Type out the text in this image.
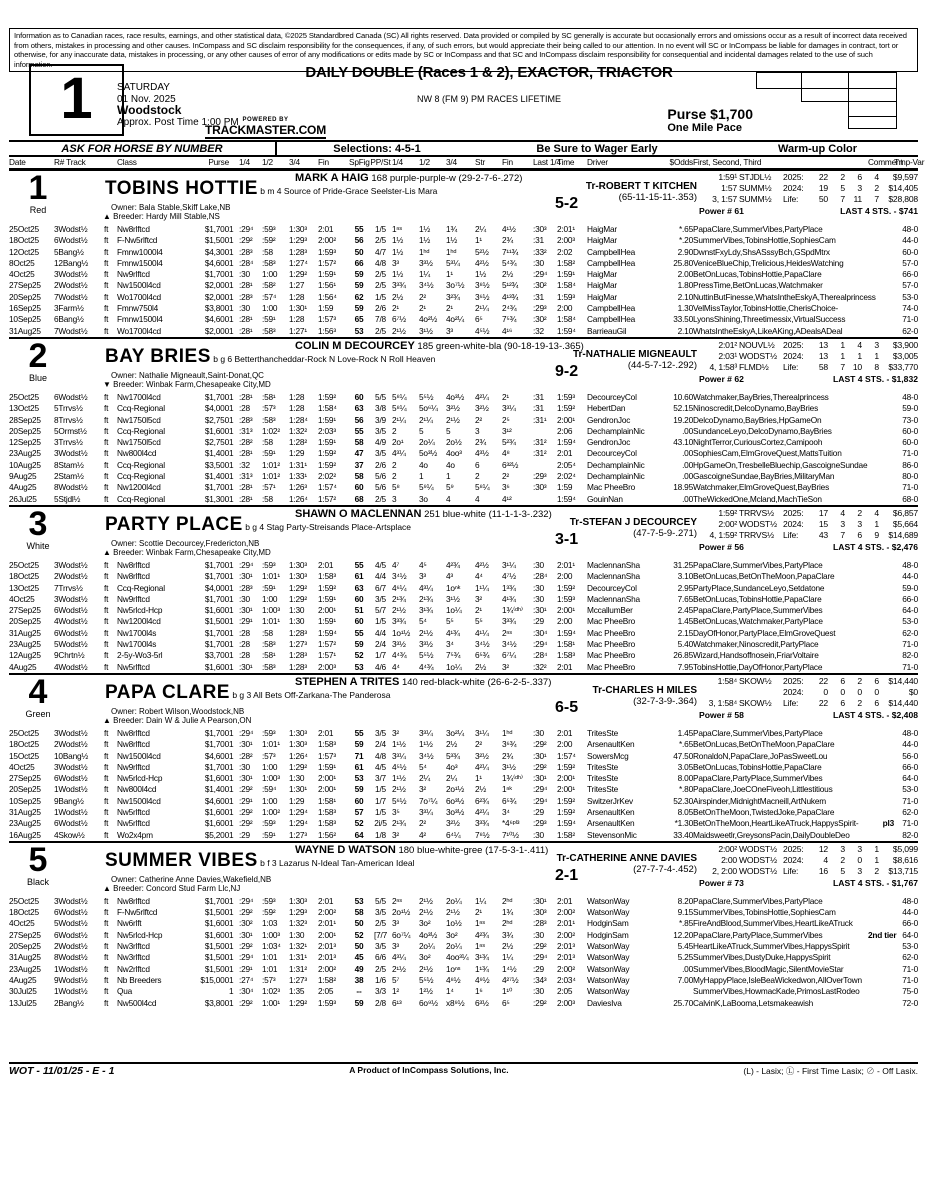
Information as to Canadian races, race results, earnings, and other statistical data, ©2025 Standardbred Canada (SC) All rights reserved. Data provided or compiled by SC generally is accurate but occasionally errors and omissions occur as a result of incorrect data received from others, mistakes in processing and other causes. InCompass and SC disclaim responsibility for the consequences, if any, of such errors, but would appreciate their being called to our attention. In no event will SC or InCompass be liable for damages in contract, tort or otherwise, for any inaccurate data, mistakes in processing, or any other causes of error of any modifications or edits made by SC or InCompass and that SC and InCompass disclaim responsibility for consequential and incidental damages related to the use of such information.
1	SATURDAY
01 Nov. 2025
Woodstock
Approx. Post Time 1:00 PM POWERED BY
TRACKMASTER.COM
DAILY DOUBLE (Races 1 & 2), EXACTOR, TRIACTOR
NW 8 (FM 9) PM RACES LIFETIME
Purse $1,700
One Mile Pace
ASK FOR HORSE BY NUMBER	Selections: 4-5-1	Be Sure to Wager Early	Warm-up Color
Date	R# Track		Class	Purse		1/4	1/2	3/4	Fin	SpFig	PP/St	1/4	1/2	3/4	Str	Fin	Last 1/4	Time	Driver	$Odds	First, Second, Third	Comment	Tmp-Var
1
Red
MARK A HAIG 168 purple-purple-w (29-2-7-6-.272)
TOBINS HOTTIE b m 4 Source of Pride-Grace Seelster-Lis Mara
Owner: Bala Stable,Skiff Lake,NB
▲ Breeder: Hardy Mill Stable,NS
5-2
Tr-ROBERT T KITCHEN
(65-11-15-11-.353)
1:59¹ STJDL½	2025:	22	2	6	4	$9,597
1:57 SUMM½	2024:	19	5	3	2	$14,405
3, 1:57 SUMM½	Life:	50	7 11	7	$28,808
Power # 61	LAST 4 STS. - $741
25Oct25	3Wodst½	ft	Nw8rlftcd	$1,700	1	:29⁴	:59³	1:30³	2:01	55	1/5	1ⁿˢ	1½	1¾	2¼	4¹½	:30³	2:01¹	HaigMar	*.65	PapaClare,SummerVibes,PartyPlace		48-0
18Oct25	6Wodst½	ft	F-Nw5rlftcd	$1,500	1	:29²	:59²	1:29³	2:00²	56	2/5	1½	1½	1½	1¹	2¾	:31	2:00³	HaigMar	*.20	SummerVibes,TobinsHottie,SophiesCam		44-0
12Oct25	5Bang½	ft	Fmnw1000l4	$4,300	1	:28³	:58	1:28³	1:59³	50	4/7	1½	1ʰᵈ	1ʰᵈ	5²½	7¹¹¾	:33²	2:02	CampbellHea	2.90	DwnstFxyLdy,ShsASssyBch,GSpdMtrx		60-0
8Oct25	12Bang½	ft	Fmnw1500l4	$4,600	1	:28⁴	:58³	1:27⁴	1:57²	66	4/8	3³	3³½	5³¼	4²½	5⁴¾	:30	1:58²	CampbellHea	25.80	VeniceBlueChip,Trelicious,HeidesWatching		57-0
4Oct25	3Wodst½	ft	Nw9rlftcd	$1,700	1	:30	1:00	1:29²	1:59¹	59	2/5	1½	1¼	1¹	1½	2½	:29⁴	1:59¹	HaigMar	2.00	BetOnLucas,TobinsHottie,PapaClare		66-0
27Sep25	2Wodst½	ft	Nw1500l4cd	$2,000	1	:28¹	:58²	1:27	1:56¹	59	2/5	3³¾	3⁴½	3o⁷½	3⁸½	5¹²¾	:30²	1:58⁴	HaigMar	1.80	PressTime,BetOnLucas,Watchmaker		57-0
20Sep25	7Wodst½	ft	Wo1700l4cd	$2,000	1	:28³	:57⁴	1:28	1:56⁴	62	1/5	2½	2²	3²¾	3⁶½	4¹³¾	:31	1:59³	HaigMar	2.10	NuttinButFinesse,WhatsIntheEskyA,Therealprincess		53-0
16Sep25	3Farm½	ft	Fmnw750l4	$3,800	1	:30	1:00	1:30¹	1:59	59	2/6	2¹	2¹	2¹	2¹¼	2⁴¾	:29³	2:00	CampbellHea	1.30	VelMissTaylor,TobinsHottie,CherisChoice-		74-0
10Sep25	6Bang½	ft	Fmnw1500l4	$4,600	1	:28¹	:59¹	1:28	1:57³	65	7/8	6⁷½	4o²½	4o²¼	6⁵	7⁵¾	:30²	1:58⁴	CampbellHea	33.50	LyonsShining,Threetimessix,VirtualSuccess		71-0
31Aug25	7Wodst½	ft	Wo1700l4cd	$2,000	1	:28¹	:58³	1:27¹	1:56³	53	2/5	2¹½	3¹½	3³	4⁵½	4¹⁶	:32	1:59⁴	BarrieauGil	2.10	WhatsIntheEskyA,LikeAKing,ADealsADeal		62-0
2
Blue
COLIN M DECOURCEY 185 green-white-bla (90-18-19-13-.365)
BAY BRIES b g 6 Betterthancheddar-Rock N Love-Rock N Roll Heaven
Owner: Nathalie Migneault,Saint-Donat,QC
▼ Breeder: Winbak Farm,Chesapeake City,MD
9-2
Tr-NATHALIE MIGNEAULT
(44-5-7-12-.292)
2:01² NOUVL½ 2025:	13	1	4	3	$3,900
2:03¹ WODST½ 2024:	13	1	1	1	$3,005
4, 1:58³ FLMD½	Life:	58	7 10	8	$33,770
Power # 62	LAST 4 STS. - $1,832
25Oct25	6Wodst½	ft	Nw1700l4cd	$1,700	1	:28¹	:58¹	1:28	1:59²	60	5/5	5⁸¼	5⁵½	4o³½	4²¼	2¹	:31	1:59³	DecourceyCol	10.60	Watchmaker,BayBries,Therealprincess		48-0
13Oct25	5Trrvs½	ft	Ccq-Regional	$4,000	1	:28	:57³	1:28	1:58⁴	63	3/8	5⁸¼	5o⁶¼	3²½	3²½	3³¼	:31	1:59²	HebertDan	52.15	Ninoscredit,DelcoDynamo,BayBries		59-0
28Sep25	8Trrvs½	ft	Nw1750l5cd	$2,750	1	:28³	:58³	1:28⁴	1:59¹	56	3/9	2¹¼	2¹¼	2¹½	2²	2⁵	:31¹	2:00¹	GendronJoc	19.20	DelcoDynamo,BayBries,HpGameOn		73-0
20Sep25	5Ormst½	ft	Ccq-Regional	$1,600	1	:31³	1:02²	1:32²	2:03³	55	3/5	2	5	5	3	3¹²		2:06	DechamplainNic	.00	SundanceLeyo,DelcoDynamo,BayBries		60-0
12Sep25	3Trrvs½	ft	Nw1750l5cd	$2,750	1	:28²	:58	1:28²	1:59¹	58	4/9	2o¹	2o¼	2o½	2¾	5²¾	:31²	1:59⁴	GendronJoc	43.10	NightTerror,CuriousCortez,Camipooh		60-0
23Aug25	3Wodst½	ft	Nw800l4cd	$1,400	1	:28¹	:59¹	1:29	1:59²	47	3/5	4³¼	5o³½	4oo³	4³½	4⁸	:31²	2:01	DecourceyCol	.00	SophiesCam,ElmGroveQuest,MattsTuition		71-0
10Aug25	8Stam½	ft	Ccq-Regional	$3,500	1	:32	1:01²	1:31¹	1:59²	37	2/6	2	4o	4o	6	6³²½		2:05⁴	DechamplainNic	.00	HpGameOn,TresbelleBluechip,GascoigneSundae		86-0
9Aug25	2Stam½	ft	Ccq-Regional	$1,400	1	:31³	1:01²	1:33¹	2:02²	58	5/6	2	1	1	2	2²	:29³	2:02⁴	DechamplainNic	.00	GascoigneSundae,BayBries,MilitaryMan		80-0
4Aug25	8Wodst½	ft	Nw1200l4cd	$1,700	1	:28¹	:57¹	1:26³	1:57⁴	60	5/6	5⁸	5⁹¼	5⁹	5⁸¼	3⁶	:30³	1:59	Mac PheeBro	18.95	Watchmaker,ElmGroveQuest,BayBries		71-0
26Jul25	5Stjdl½	ft	Ccq-Regional	$1,300	1	:28¹	:58	1:26⁴	1:57²	68	2/5	3	3o	4	4	4¹²		1:59⁴	GouinNan	.00	TheWickedOne,Mcland,MachTieSon		68-0
3
White
SHAWN O MACLENNAN 251 blue-white (11-1-1-3-.232)
PARTY PLACE b g 4 Stag Party-Streisands Place-Artsplace
Owner: Scottie Decourcey,Fredericton,NB
▲ Breeder: Winbak Farm,Chesapeake City,MD
3-1
Tr-STEFAN J DECOURCEY
(47-7-5-9-.271)
1:59² TRRVS½	2025:	17	4	2	4	$6,857
2:00² WODST½ 2024:	15	3	3	1	$5,664
4, 1:59² TRRVS½	Life:	43	7	6	9	$14,689
Power # 56	LAST 4 STS. - $2,476
25Oct25	3Wodst½	ft	Nw8rlftcd	$1,700	1	:29⁴	:59³	1:30³	2:01	55	4/5	4⁷	4⁵	4²¾	4²½	3¹¼	:30	2:01¹	MaclennanSha	31.25	PapaClare,SummerVibes,PartyPlace		48-0
18Oct25	2Wodst½	ft	Nw8rlftcd	$1,700	1	:30¹	1:01¹	1:30³	1:58³	61	4/4	3⁴½	3³	4³	4⁴	4⁷½	:28⁴	2:00	MaclennanSha	3.10	BetOnLucas,BetOnTheMoon,PapaClare		44-0
13Oct25	7Trrvs½	ft	Ccq-Regional	$4,000	1	:28³	:59¹	1:29²	1:59²	63	6/7	4⁶¼	4³¼	1oⁿᵏ	1¹¼	1³¾	:30	1:59²	DecourceyCol	2.95	PartyPlace,SundanceLeyo,Setdatone		59-0
4Oct25	3Wodst½	ft	Nw9rlftcd	$1,700	1	:30	1:00	1:29²	1:59¹	60	3/5	2¹¾	2¹¾	3¹½	3²	4¹¾	:30	1:59³	MaclennanSha	7.65	BetOnLucas,TobinsHottie,PapaClare		66-0
27Sep25	6Wodst½	ft	Nw5rlcd-Hcp	$1,600	1	:30¹	1:00³	1:30	2:00¹	51	5/7	2¹½	3¹¾	1o¼	2¹	1¾⁽ᵈʰ⁾	:30¹	2:00¹	MccallumBer	2.45	PapaClare,PartyPlace,SummerVibes		64-0
20Sep25	4Wodst½	ft	Nw1200l4cd	$1,500	1	:29¹	1:01¹	1:30	1:59¹	60	1/5	3³¾	5⁴	5⁵	5⁵	3³¾	:29	2:00	Mac PheeBro	1.45	BetOnLucas,Watchmaker,PartyPlace		53-0
31Aug25	6Wodst½	ft	Nw1700l4s	$1,700	1	:28	:58	1:28³	1:59⁴	55	4/4	1o¹½	2¹½	4¹¾	4¹¼	2ⁿˢ	:30⁴	1:59⁴	Mac PheeBro	2.15	DayOfHonor,PartyPlace,ElmGroveQuest		62-0
23Aug25	5Wodst½	ft	Nw1700l4s	$1,700	1	:28	:58³	1:27³	1:57²	59	2/4	3³½	3³½	3⁴	3⁴½	3⁴½	:29⁴	1:58¹	Mac PheeBro	5.40	Watchmaker,Ninoscredit,PartyPlace		71-0
12Aug25	9Chrtn½	ft	2-5y-Wo3-5rl	$3,700	1	:28	:58¹	1:28³	1:57¹	52	1/7	4⁴¾	5⁵½	7⁵¾	6⁵¾	6⁷¼	:28⁴	1:58³	Mac PheeBro	26.85	Wizard,Handsoffnosein,FriarVoltaire		82-0
4Aug25	4Wodst½	ft	Nw5rlftcd	$1,600	1	:30¹	:58³	1:28³	2:00³	53	4/6	4⁴	4⁴¾	1o¼	2½	3²	:32²	2:01	Mac PheeBro	7.95	TobinsHottie,DayOfHonor,PartyPlace		71-0
4
Green
STEPHEN A TRITES 140 red-black-white (26-6-2-5-.337)
PAPA CLARE b g 3 All Bets Off-Zarkana-The Panderosa
Owner: Robert Wilson,Woodstock,NB
▲ Breeder: Dain W & Julie A Pearson,ON
6-5
Tr-CHARLES H MILES
(32-7-3-9-.364)
1:58⁴ SKOW½	2025:	22	6	2	6	$14,440
2024:	0	0	0	0	$0
3, 1:58⁴ SKOW½	Life:	22	6	2	6	$14,440
Power # 58	LAST 4 STS. - $2,408
25Oct25	3Wodst½	ft	Nw8rlftcd	$1,700	1	:29⁴	:59³	1:30³	2:01	55	3/5	3²	3³¼	3o²¼	3¹¼	1ʰᵈ	:30	2:01	TritesSte	1.45	PapaClare,SummerVibes,PartyPlace		48-0
18Oct25	2Wodst½	ft	Nw8rlftcd	$1,700	1	:30¹	1:01¹	1:30³	1:58³	59	2/4	1¹½	1¹½	2½	2²	3⁶¾	:29²	2:00	ArsenaultKen	*.65	BetOnLucas,BetOnTheMoon,PapaClare		44-0
15Oct25	10Bang½	ft	Nw1500l4cd	$4,600	1	:28²	:57³	1:26⁴	1:57³	71	4/8	3³¼	3⁴½	5³¾	3²½	2¾	:30¹	1:57⁴	SowersMcg	47.50	RonaldoN,PapaClare,JoPasSweetLou		56-0
4Oct25	3Wodst½	ft	Nw9rlftcd	$1,700	1	:30	1:00	1:29²	1:59¹	61	4/5	4⁵½	5⁴	4o³	4²¼	3¹½	:29²	1:59²	TritesSte	3.05	BetOnLucas,TobinsHottie,PapaClare		66-0
27Sep25	6Wodst½	ft	Nw5rlcd-Hcp	$1,600	1	:30¹	1:00³	1:30	2:00¹	53	3/7	1¹½	2¼	2¼	1¹	1¾⁽ᵈʰ⁾	:30¹	2:00¹	TritesSte	8.00	PapaClare,PartyPlace,SummerVibes		64-0
20Sep25	1Wodst½	ft	Nw800l4cd	$1,400	1	:29²	:59⁴	1:30¹	2:00¹	59	1/5	2¹½	3²	2o¹½	2½	1ⁿᵏ	:29⁴	2:00¹	TritesSte	*.80	PapaClare,JoeCOneFiveoh,Littlestitious		53-0
10Sep25	9Bang½	ft	Nw1500l4cd	$4,600	1	:29¹	1:00	1:29	1:58¹	60	1/7	5⁶½	7o⁷¼	6o³½	6²¾	6⁵¾	:29⁴	1:59²	SwitzerJrKev	52.30	Airspinder,MidnightMacneill,ArtNukem		71-0
31Aug25	1Wodst½	ft	Nw5rlftcd	$1,600	1	:29²	1:00²	1:29⁴	1:58³	57	1/5	3⁵	3³¼	3o³½	4²¼	3⁴	:29	1:59²	ArsenaultKen	8.05	BetOnTheMoon,TwistedJoke,PapaClare		62-0
23Aug25	6Wodst½	ft	Nw5rlftcd	$1,600	1	:29²	:59³	1:29⁴	1:58³	52	2i/5	2¹¾	2²	3²½	3³¾	*4⁶ᵖˡ³	:29³	1:59⁴	ArsenaultKen	*1.30	BetOnTheMoon,HeartLikeATruck,HappysSpirit-	pl3	71-0
16Aug25	4Skow½	ft	Wo2x4pm	$5,200	1	:29	:59¹	1:27³	1:56²	64	1/8	3²	4²	6⁴¼	7⁸½	7¹⁰½	:30	1:58²	StevensonMic	33.40	Maidsweetlr,GreysonsPacin,DailyDoubleDeo		82-0
5
Black
WAYNE D WATSON 180 blue-white-gree (17-5-3-1-.411)
SUMMER VIBES b f 3 Lazarus N-Ideal Tan-American Ideal
Owner: Catherine Anne Davies,Wakefield,NB
▲ Breeder: Concord Stud Farm Llc,NJ
2-1
Tr-CATHERINE ANNE DAVIES
(27-7-7-4-.452)
2:00² WODST½ 2025:	12	3	3	1	$5,099
2:00 WODST½ 2024:	4	2	0	1	$8,616
2, 2:00 WODST½ Life:	16	5	3	2	$13,715
Power # 73	LAST 4 STS. - $1,767
25Oct25	3Wodst½	ft	Nw8rlftcd	$1,700	1	:29⁴	:59³	1:30³	2:01	53	5/5	2ⁿˢ	2¹½	2o¼	1¼	2ʰᵈ	:30¹	2:01	WatsonWay	8.20	PapaClare,SummerVibes,PartyPlace		48-0
18Oct25	6Wodst½	ft	F-Nw5rlftcd	$1,500	1	:29²	:59²	1:29³	2:00²	58	3/5	2o¹½	2¹½	2¹½	2¹	1¾	:30³	2:00²	WatsonWay	9.15	SummerVibes,TobinsHottie,SophiesCam		44-0
4Oct25	5Wodst½	ft	Nw6rlft	$1,600	1	:30²	1:03	1:32³	2:01¹	50	2/5	3³	3o²	1o½	1ⁿˢ	2ʰᵈ	:28³	2:01¹	HodginSam	*.85	FireAndBlood,SummerVibes,HeartLikeATruck		66-0
27Sep25	6Wodst½	ft	Nw5rlcd-Hcp	$1,600	1	:30¹	1:00³	1:30	2:00¹	52	[7/7	6o⁷¼	4o³½	3o²	4²¾	3¾	:30	2:00²	HodginSam	12.20	PapaClare,PartyPlace,SummerVibes	2nd tier	64-0
20Sep25	2Wodst½	ft	Nw3rlftcd	$1,500	1	:29²	1:03⁴	1:32¹	2:01³	50	3/5	3³	2o¼	2o¼	1ⁿˢ	2½	:29²	2:01³	WatsonWay	5.45	HeartLikeATruck,SummerVibes,HappysSpirit		53-0
31Aug25	8Wodst½	ft	Nw3rlftcd	$1,500	1	:29⁴	1:01	1:31¹	2:01³	45	6/6	4³¼	3o²	4oo³¼	3¹¾	1¼	:29⁴	2:01³	WatsonWay	5.25	SummerVibes,DustyDuke,HappysSpirit		62-0
23Aug25	1Wodst½	ft	Nw2rlftcd	$1,500	1	:29¹	1:01	1:31²	2:00²	49	2/5	2¹½	2¹½	1oⁿˢ	1¹¾	1⁴½	:29	2:00²	WatsonWay	.00	SummerVibes,BloodMagic,SilentMovieStar		71-0
4Aug25	9Wodst½	ft	Nb Breeders	$15,000	1	:27⁴	:57³	1:27³	1:58²	38	1/6	5⁷	5⁵½	4⁸½	4⁹½	4²⁷½	:34³	2:03⁴	WatsonWay	7.00	MyHappyPlace,IsleBeaWickedwon,AllOverTown		71-0
30Jul25	1Wodst½	ft	Qua		1	:30⁴	1:02³	1:35	2:05	--	3/3	1²	1²½	1⁴	1⁶	1¹⁰	:30	2:05	WatsonWay		SummerVibes,HowmacKade,PrimosLastRodeo		75-0
13Jul25	2Bang½	ft	Nw500l4cd	$3,800	1	:29²	1:00¹	1:29²	1:59³	59	2/8	6¹³	6o⁹½	x8⁹½	6³½	6⁵	:29²	2:00³	DaviesIva	25.70	CalvinK,LaBooma,Letsmakeawish		72-0
WOT - 11/01/25 - E - 1	A Product of InCompass Solutions, Inc.	(L) - Lasix; Ⓛ - First Time Lasix; ⊘ - Off Lasix.
